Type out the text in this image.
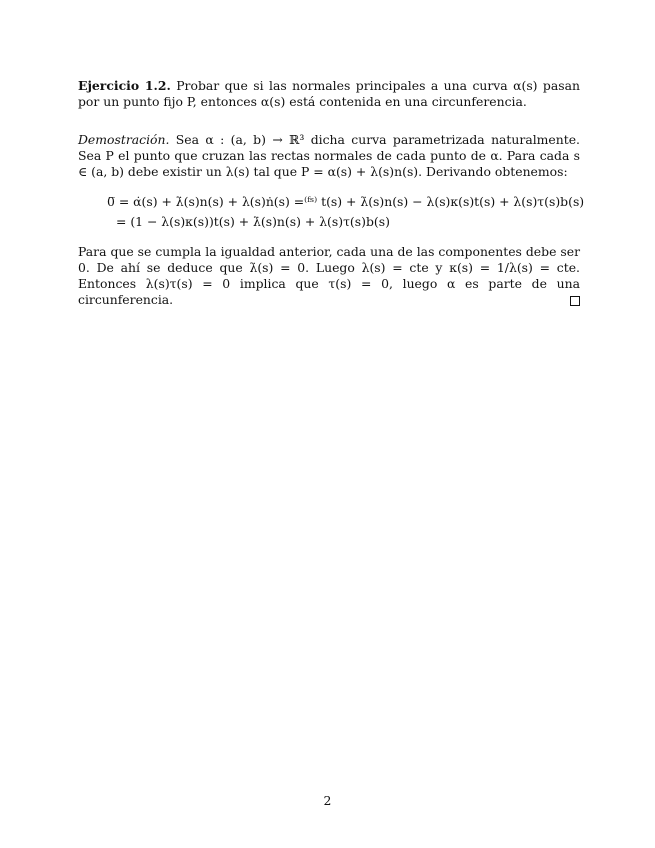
Ejercicio 1.2. Probar que si las normales principales a una curva α(s) pasan por un punto fijo P, entonces α(s) está contenida en una circunferencia.
Demostración. Sea α : (a, b) → ℝ³ dicha curva parametrizada naturalmente. Sea P el punto que cruzan las rectas normales de cada punto de α. Para cada s ∈ (a, b) debe existir un λ(s) tal que P = α(s) + λ(s)n(s). Derivando obtenemos:
0̅ = α̇(s) + λ̇(s)n(s) + λ(s)ṅ(s) =⁽ᶠˢ⁾ t(s) + λ̇(s)n(s) − λ(s)κ(s)t(s) + λ(s)τ(s)b(s)
= (1 − λ(s)κ(s))t(s) + λ̇(s)n(s) + λ(s)τ(s)b(s)
Para que se cumpla la igualdad anterior, cada una de las componentes debe ser 0. De ahí se deduce que λ̇(s) = 0. Luego λ(s) = cte y κ(s) = 1/λ(s) = cte. Entonces λ(s)τ(s) = 0 implica que τ(s) = 0, luego α es parte de una circunferencia.
2
